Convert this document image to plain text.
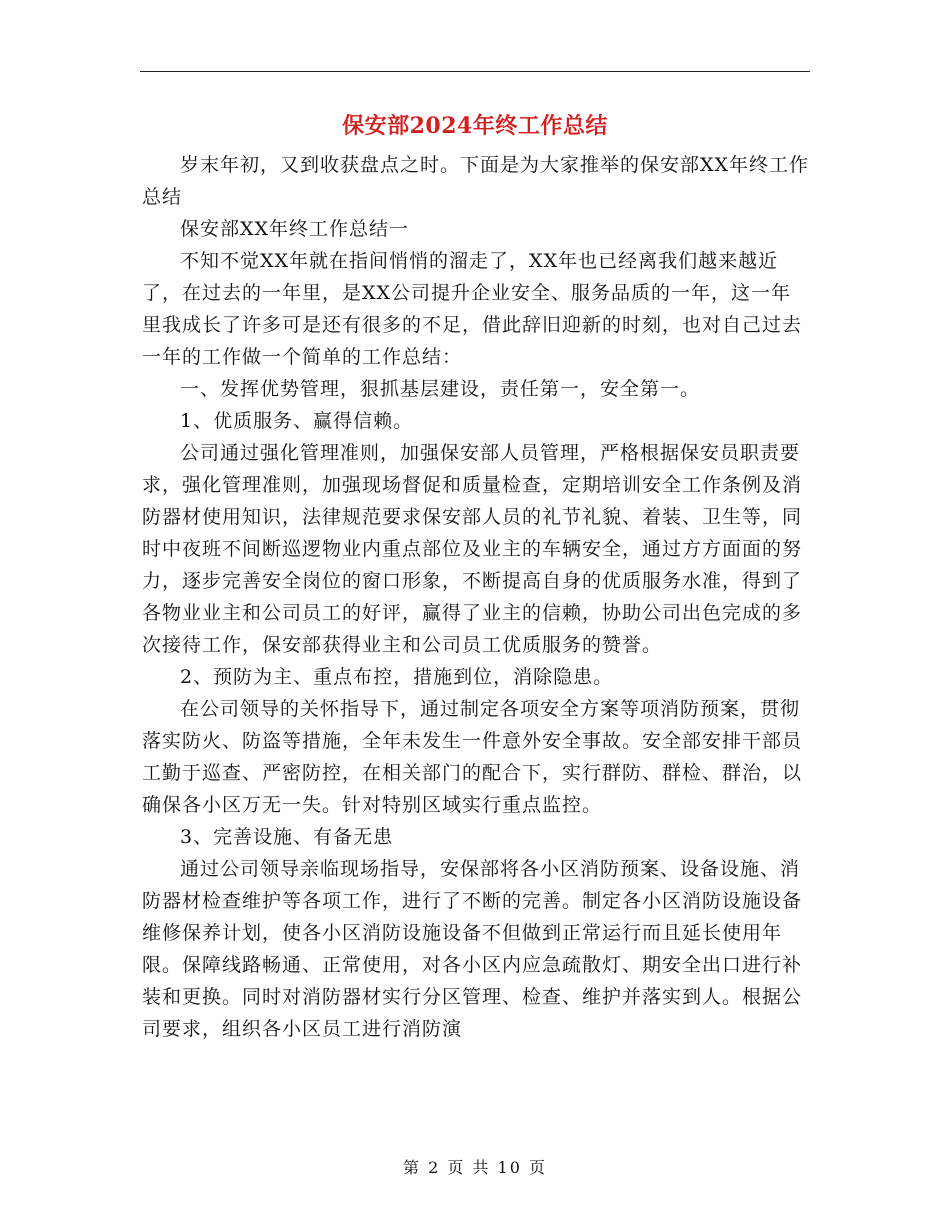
保安部2024年终工作总结

岁末年初，又到收获盘点之时。下面是为大家推举的保安部XX年终工作总结

保安部XX年终工作总结一

不知不觉XX年就在指间悄悄的溜走了，XX年也已经离我们越来越近了，在过去的一年里，是XX公司提升企业安全、服务品质的一年，这一年里我成长了许多可是还有很多的不足，借此辞旧迎新的时刻，也对自己过去一年的工作做一个简单的工作总结：

一、发挥优势管理，狠抓基层建设，责任第一，安全第一。

1、优质服务、赢得信赖。

公司通过强化管理准则，加强保安部人员管理，严格根据保安员职责要求，强化管理准则，加强现场督促和质量检查，定期培训安全工作条例及消防器材使用知识，法律规范要求保安部人员的礼节礼貌、着装、卫生等，同时中夜班不间断巡逻物业内重点部位及业主的车辆安全，通过方方面面的努力，逐步完善安全岗位的窗口形象，不断提高自身的优质服务水准，得到了各物业业主和公司员工的好评，赢得了业主的信赖，协助公司出色完成的多次接待工作，保安部获得业主和公司员工优质服务的赞誉。

2、预防为主、重点布控，措施到位，消除隐患。

在公司领导的关怀指导下，通过制定各项安全方案等项消防预案，贯彻落实防火、防盗等措施，全年未发生一件意外安全事故。安全部安排干部员工勤于巡查、严密防控，在相关部门的配合下，实行群防、群检、群治，以确保各小区万无一失。针对特别区域实行重点监控。

3、完善设施、有备无患

通过公司领导亲临现场指导，安保部将各小区消防预案、设备设施、消防器材检查维护等各项工作，进行了不断的完善。制定各小区消防设施设备维修保养计划，使各小区消防设施设备不但做到正常运行而且延长使用年限。保障线路畅通、正常使用，对各小区内应急疏散灯、期安全出口进行补装和更换。同时对消防器材实行分区管理、检查、维护并落实到人。根据公司要求，组织各小区员工进行消防演

第 2 页 共 10 页
